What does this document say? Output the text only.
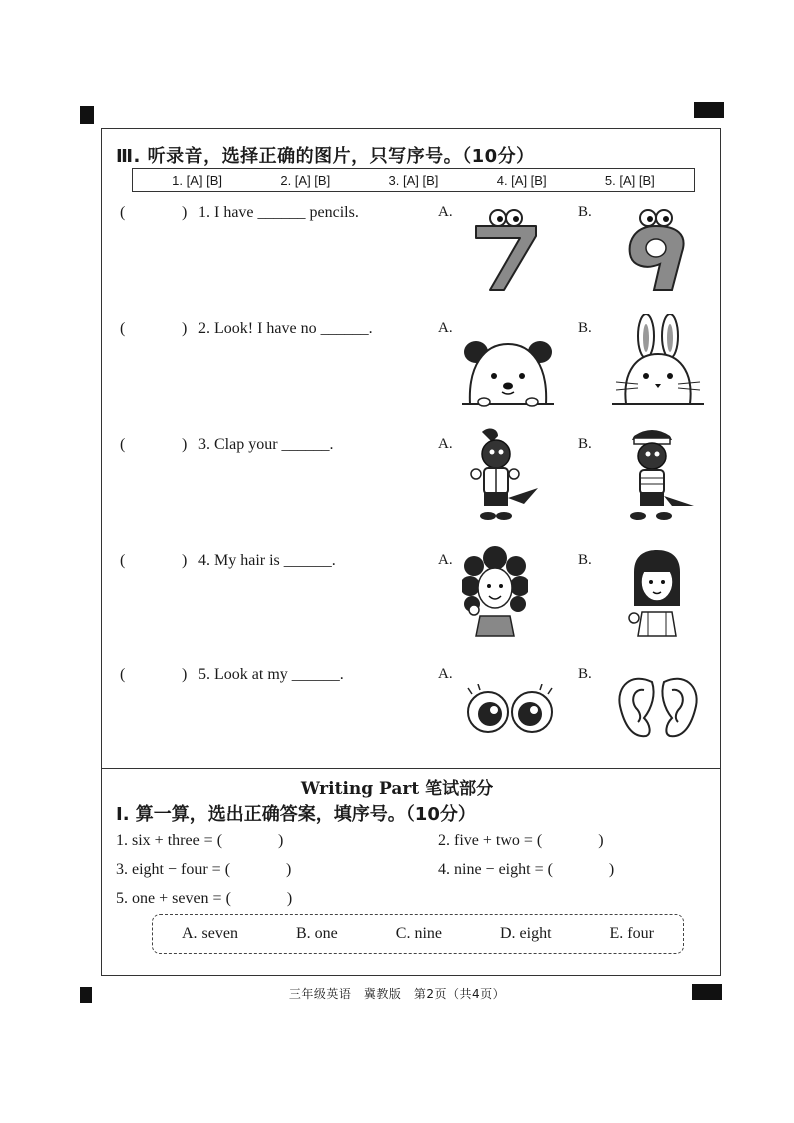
Ⅲ. 听录音，选择正确的图片，只写序号。（10分）
1. [A] [B]	2. [A] [B]	3. [A] [B]	4. [A] [B]	5. [A] [B]
(	) 1. I have ______ pencils.	A.	B.
(	) 2. Look! I have no ______.	A.	B.
(	) 3. Clap your ______.	A.	B.
(	) 4. My hair is ______.	A.	B.
(	) 5. Look at my ______.	A.	B.
Writing Part 笔试部分
Ⅰ. 算一算，选出正确答案，填序号。（10分）
1. six + three = (	)	2. five + two = (	)
3. eight − four = (	)	4. nine − eight = (	)
5. one + seven = (	)
A. seven	B. one	C. nine	D. eight	E. four
三年级英语　冀教版　第2页（共4页）
